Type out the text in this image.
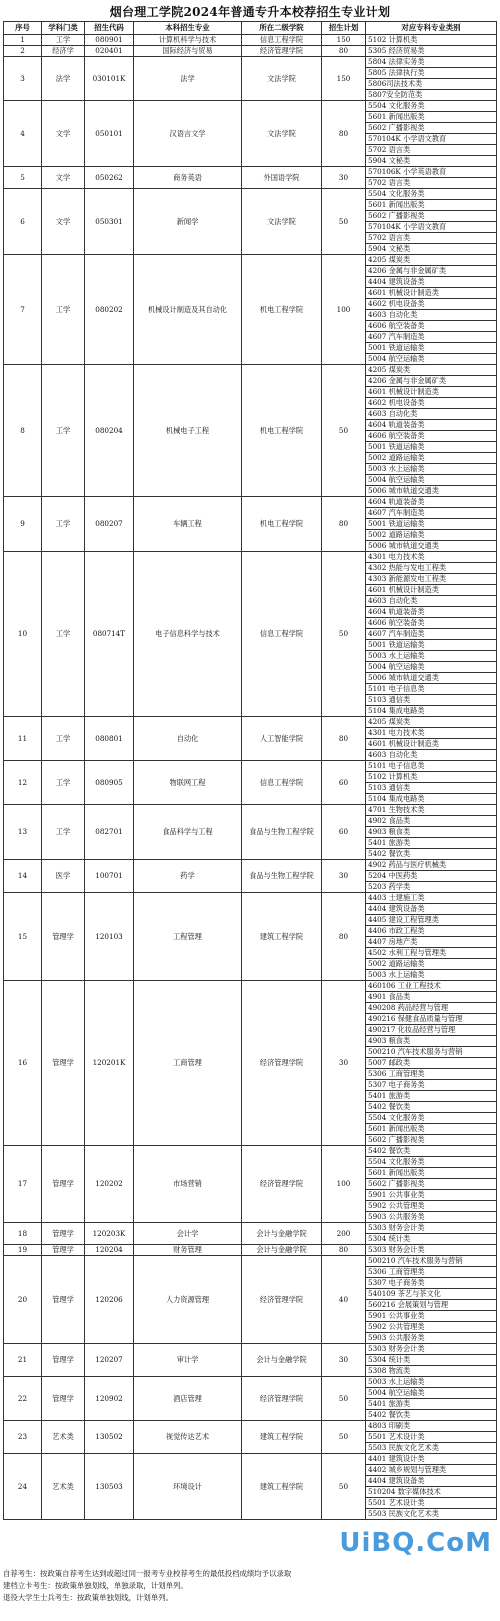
烟台理工学院2024年普通专升本校荐招生专业计划
序号	学科门类	招生代码	本科招生专业	所在二级学院	招生计划	对应专科专业类别
1	工学	080901	计算机科学与技术	信息工程学院	150	5102 计算机类
2	经济学	020401	国际经济与贸易	经济管理学院	80	5305 经济贸易类
3	法学	030101K	法学	文法学院	150	5804 法律实务类
						5805 法律执行类
						5806司法技术类
						5807安全防范类
4	文学	050101	汉语言文学	文法学院	80	5504 文化服务类
						5601 新闻出版类
						5602 广播影视类
						570104K 小学语文教育
						5702 语言类
						5904 文秘类
5	文学	050262	商务英语	外国语学院	30	570106K 小学英语教育
						5702 语言类
6	文学	050301	新闻学	文法学院	50	5504 文化服务类
						5601 新闻出版类
						5602 广播影视类
						570104K 小学语文教育
						5702 语言类
						5904 文秘类
7	工学	080202	机械设计制造及其自动化	机电工程学院	100	4205 煤炭类
						4206 金属与非金属矿类
						4404 建筑设备类
						4601 机械设计制造类
						4602 机电设备类
						4603 自动化类
						4606 航空装备类
						4607 汽车制造类
						5001 铁道运输类
						5004 航空运输类
8	工学	080204	机械电子工程	机电工程学院	50	4205 煤炭类
						4206 金属与非金属矿类
						4601 机械设计制造类
						4602 机电设备类
						4603 自动化类
						4604 轨道装备类
						4606 航空装备类
						5001 铁道运输类
						5002 道路运输类
						5003 水上运输类
						5004 航空运输类
						5006 城市轨道交通类
9	工学	080207	车辆工程	机电工程学院	80	4604 轨道装备类
						4607 汽车制造类
						5001 铁道运输类
						5002 道路运输类
						5006 城市轨道交通类
10	工学	080714T	电子信息科学与技术	信息工程学院	50	4301 电力技术类
						4302 热能与发电工程类
						4303 新能源发电工程类
						4601 机械设计制造类
						4603 自动化类
						4604 轨道装备类
						4606 航空装备类
						4607 汽车制造类
						5001 铁道运输类
						5003 水上运输类
						5004 航空运输类
						5006 城市轨道交通类
						5101 电子信息类
						5103 通信类
						5104 集成电路类
11	工学	080801	自动化	人工智能学院	80	4205 煤炭类
						4301 电力技术类
						4601 机械设计制造类
						4603 自动化类
12	工学	080905	物联网工程	信息工程学院	60	5101 电子信息类
						5102 计算机类
						5103 通信类
						5104 集成电路类
13	工学	082701	食品科学与工程	食品与生物工程学院	60	4701 生物技术类
						4902 食品类
						4903 粮食类
						5401 旅游类
						5402 餐饮类
14	医学	100701	药学	食品与生物工程学院	30	4902 药品与医疗机械类
						5204 中医药类
						5203 药学类
15	管理学	120103	工程管理	建筑工程学院	80	4403 土建施工类
						4404 建筑设备类
						4405 建设工程管理类
						4406 市政工程类
						4407 房地产类
						4502 水利工程与管理类
						5002 道路运输类
						5003 水上运输类
16	管理学	120201K	工商管理	经济管理学院	30	460106 工业工程技术
						4901 食品类
						490208 药品经营与管理
						490216 保健食品质量与管理
						490217 化妆品经营与管理
						4903 粮食类
						500210 汽车技术服务与营销
						5007 邮政类
						5306 工商管理类
						5307 电子商务类
						5401 旅游类
						5402 餐饮类
						5504 文化服务类
						5601 新闻出版类
						5602 广播影视类
17	管理学	120202	市场营销	经济管理学院	100	5402 餐饮类
						5504 文化服务类
						5601 新闻出版类
						5602 广播影视类
						5901 公共事业类
						5902 公共管理类
						5903 公共服务类
18	管理学	120203K	会计学	会计与金融学院	200	5303 财务会计类
						5304 统计类
19	管理学	120204	财务管理	会计与金融学院	80	5303 财务会计类
20	管理学	120206	人力资源管理	经济管理学院	40	500210 汽车技术服务与营销
						5306 工商管理类
						5307 电子商务类
						540109 茶艺与茶文化
						560216 会展策划与管理
						5901 公共事业类
						5902 公共管理类
						5903 公共服务类
21	管理学	120207	审计学	会计与金融学院	30	5303 财务会计类
						5304 统计类
						5308 物流类
22	管理学	120902	酒店管理	经济管理学院	50	5003 水上运输类
						5004 航空运输类
						5401 旅游类
						5402 餐饮类
23	艺术类	130502	视觉传达艺术	建筑工程学院	50	4803 印刷类
						5501 艺术设计类
						5503 民族文化艺术类
24	艺术类	130503	环境设计	建筑工程学院	50	4401 建筑设计类
						4402 城乡规划与管理类
						4404 建筑设备类
						510204 数字媒体技术
						5501 艺术设计类
						5503 民族文化艺术类
自荐考生：按政策自荐考生达到或超过同一报考专业校荐考生的最低投档成绩均予以录取
建档立卡考生：按政策单独划线，单独录取，计划单列。
退役大学生士兵考生：按政策单独划线，计划单列。
UiBQ.CoM
